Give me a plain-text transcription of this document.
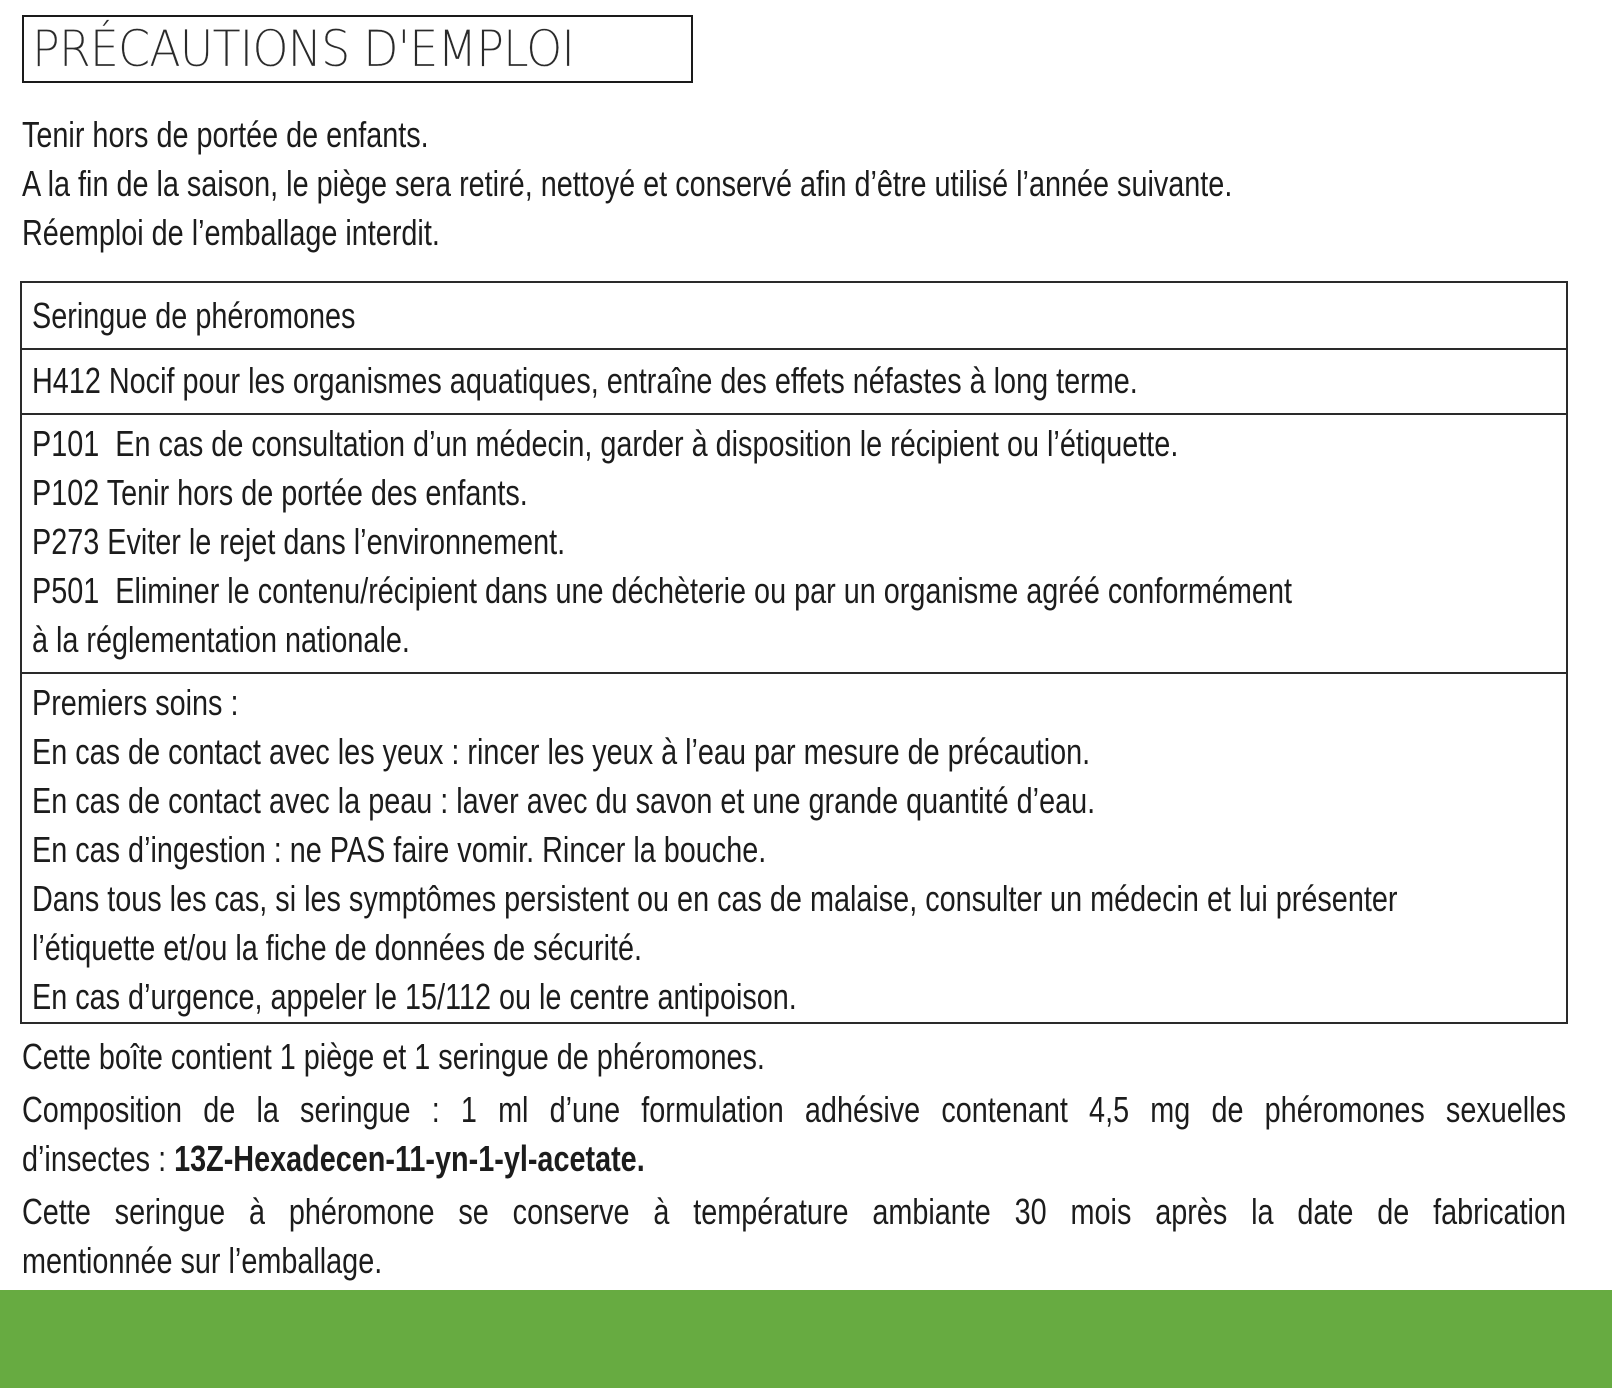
PRÉCAUTIONS D'EMPLOI
Tenir hors de portée de enfants.
A la fin de la saison, le piège sera retiré, nettoyé et conservé afin d’être utilisé l’année suivante.
Réemploi de l’emballage interdit.
Seringue de phéromones
H412 Nocif pour les organismes aquatiques, entraîne des effets néfastes à long terme.
P101  En cas de consultation d’un médecin, garder à disposition le récipient ou l’étiquette.
P102 Tenir hors de portée des enfants.
P273 Eviter le rejet dans l’environnement.
P501  Eliminer le contenu/récipient dans une déchèterie ou par un organisme agréé conformément
à la réglementation nationale.
Premiers soins :
En cas de contact avec les yeux : rincer les yeux à l’eau par mesure de précaution.
En cas de contact avec la peau : laver avec du savon et une grande quantité d’eau.
En cas d’ingestion : ne PAS faire vomir. Rincer la bouche.
Dans tous les cas, si les symptômes persistent ou en cas de malaise, consulter un médecin et lui présenter
l’étiquette et/ou la fiche de données de sécurité.
En cas d’urgence, appeler le 15/112 ou le centre antipoison.
Cette boîte contient 1 piège et 1 seringue de phéromones.
Composition de la seringue : 1 ml d’une formulation adhésive contenant 4,5 mg de phéromones sexuelles
d’insectes : 13Z-Hexadecen-11-yn-1-yl-acetate.
Cette seringue à phéromone se conserve à température ambiante 30 mois après la date de fabrication
mentionnée sur l’emballage.
